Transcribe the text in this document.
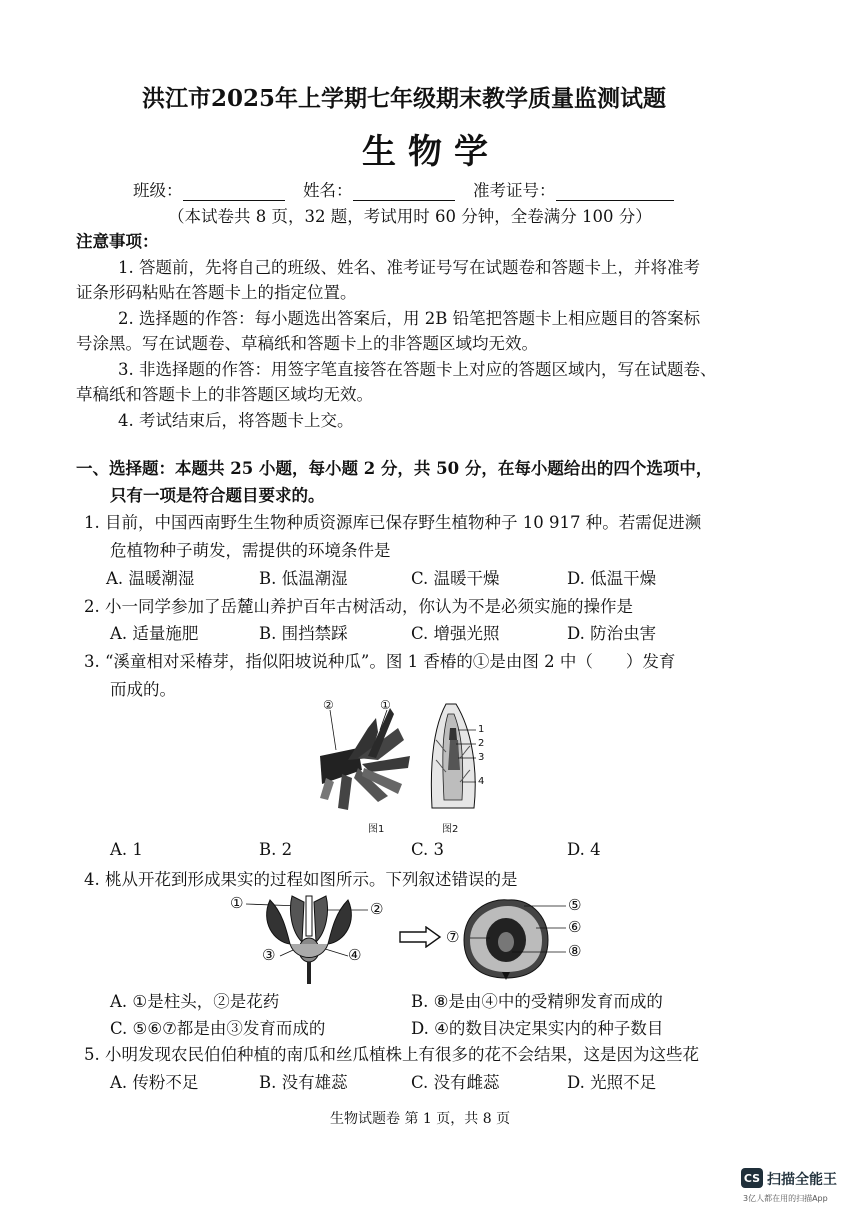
洪江市2025年上学期七年级期末教学质量监测试题
生物学
班级：	姓名：	准考证号：
（本试卷共 8 页，32 题，考试用时 60 分钟，全卷满分 100 分）
注意事项：
1. 答题前，先将自己的班级、姓名、准考证号写在试题卷和答题卡上，并将准考
证条形码粘贴在答题卡上的指定位置。
2. 选择题的作答：每小题选出答案后，用 2B 铅笔把答题卡上相应题目的答案标
号涂黑。写在试题卷、草稿纸和答题卡上的非答题区域均无效。
3. 非选择题的作答：用签字笔直接答在答题卡上对应的答题区域内，写在试题卷、
草稿纸和答题卡上的非答题区域均无效。
4. 考试结束后，将答题卡上交。
一、选择题：本题共 25 小题，每小题 2 分，共 50 分，在每小题给出的四个选项中，
只有一项是符合题目要求的。
1. 目前，中国西南野生生物种质资源库已保存野生植物种子 10 917 种。若需促进濒
危植物种子萌发，需提供的环境条件是
A. 温暖潮湿	B. 低温潮湿	C. 温暖干燥	D. 低温干燥
2. 小一同学参加了岳麓山养护百年古树活动，你认为不是必须实施的操作是
A. 适量施肥	B. 围挡禁踩	C. 增强光照	D. 防治虫害
3. “溪童相对采椿芽，指似阳坡说种瓜”。图 1 香椿的①是由图 2 中（　　）发育
而成的。
②	①
图1
1
2
3
4
图2
A. 1	B. 2	C. 3	D. 4
4. 桃从开花到形成果实的过程如图所示。下列叙述错误的是
①	②
③	④
⑤
⑥
⑦
⑧
A. ①是柱头，②是花药	B. ⑧是由④中的受精卵发育而成的
C. ⑤⑥⑦都是由③发育而成的	D. ④的数目决定果实内的种子数目
5. 小明发现农民伯伯种植的南瓜和丝瓜植株上有很多的花不会结果，这是因为这些花
A. 传粉不足	B. 没有雄蕊	C. 没有雌蕊	D. 光照不足
生物试题卷 第 1 页，共 8 页
CS 扫描全能王
3亿人都在用的扫描App
